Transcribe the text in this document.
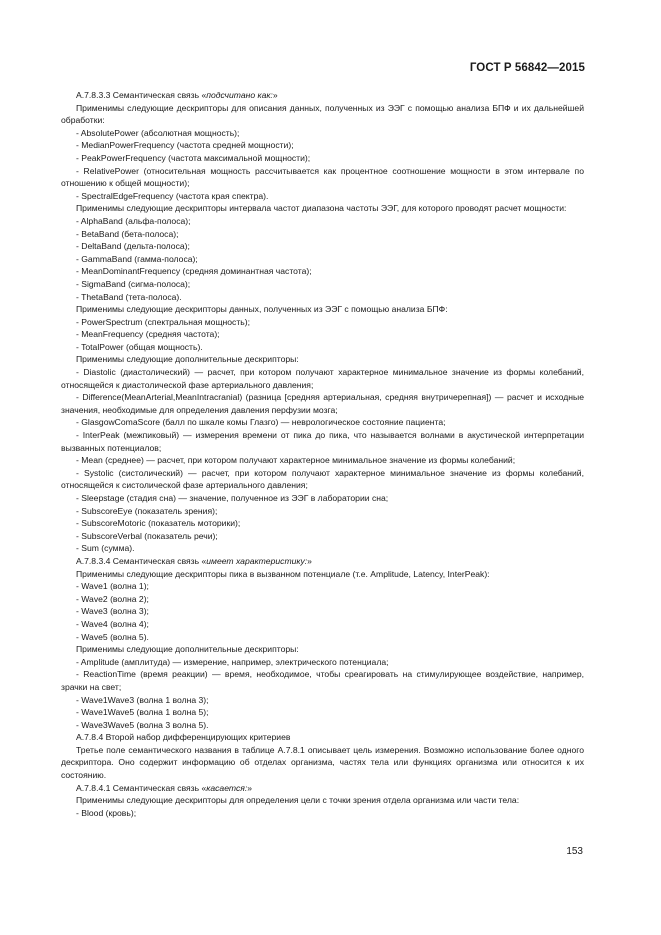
ГОСТ Р 56842—2015

А.7.8.3.3 Семантическая связь «подсчитано как:»

Применимы следующие дескрипторы для описания данных, полученных из ЭЭГ с помощью анализа БПФ и их дальнейшей обработки:

- AbsolutePower (абсолютная мощность);

- MedianPowerFrequency (частота средней мощности);

- PeakPowerFrequency (частота максимальной мощности);

- RelativePower (относительная мощность рассчитывается как процентное соотношение мощности в этом интервале по отношению к общей мощности);

- SpectralEdgeFrequency (частота края спектра).

Применимы следующие дескрипторы интервала частот диапазона частоты ЭЭГ, для которого проводят расчет мощности:

- AlphaBand (альфа-полоса);

- BetaBand (бета-полоса);

- DeltaBand (дельта-полоса);

- GammaBand (гамма-полоса);

- MeanDominantFrequency (средняя доминантная частота);

- SigmaBand (сигма-полоса);

- ThetaBand (тета-полоса).

Применимы следующие дескрипторы данных, полученных из ЭЭГ с помощью анализа БПФ:

- PowerSpectrum (спектральная мощность);

- MeanFrequency (средняя частота);

- TotalPower (общая мощность).

Применимы следующие дополнительные дескрипторы:

- Diastolic (диастолический) — расчет, при котором получают характерное минимальное значение из формы колебаний, относящейся к диастолической фазе артериального давления;

- Difference(MeanArterial,MeanIntracranial) (разница [средняя артериальная, средняя внутричерепная]) — расчет и исходные значения, необходимые для определения давления перфузии мозга;

- GlasgowComaScore (балл по шкале комы Глазго) — неврологическое состояние пациента;

- InterPeak (межпиковый) — измерения времени от пика до пика, что называется волнами в акустической интерпретации вызванных потенциалов;

- Mean (среднее) — расчет, при котором получают характерное минимальное значение из формы колебаний;

- Systolic (систолический) — расчет, при котором получают характерное минимальное значение из формы колебаний, относящейся к систолической фазе артериального давления;

- Sleepstage (стадия сна) — значение, полученное из ЭЭГ в лаборатории сна;

- SubscoreEye (показатель зрения);

- SubscoreMotoric (показатель моторики);

- SubscoreVerbal (показатель речи);

- Sum (сумма).

А.7.8.3.4 Семантическая связь «имеет характеристику:»

Применимы следующие дескрипторы пика в вызванном потенциале (т.е. Amplitude, Latency, InterPeak):

- Wave1 (волна 1);

- Wave2 (волна 2);

- Wave3 (волна 3);

- Wave4 (волна 4);

- Wave5 (волна 5).

Применимы следующие дополнительные дескрипторы:

- Amplitude (амплитуда) — измерение, например, электрического потенциала;

- ReactionTime (время реакции) — время, необходимое, чтобы среагировать на стимулирующее воздействие, например, зрачки на свет;

- Wave1Wave3 (волна 1 волна 3);

- Wave1Wave5 (волна 1 волна 5);

- Wave3Wave5 (волна 3 волна 5).

А.7.8.4 Второй набор дифференцирующих критериев

Третье поле семантического названия в таблице А.7.8.1 описывает цель измерения. Возможно использование более одного дескриптора. Оно содержит информацию об отделах организма, частях тела или функциях организма или относится к их состоянию.

А.7.8.4.1 Семантическая связь «касается:»

Применимы следующие дескрипторы для определения цели с точки зрения отдела организма или части тела:

- Blood (кровь);

153
